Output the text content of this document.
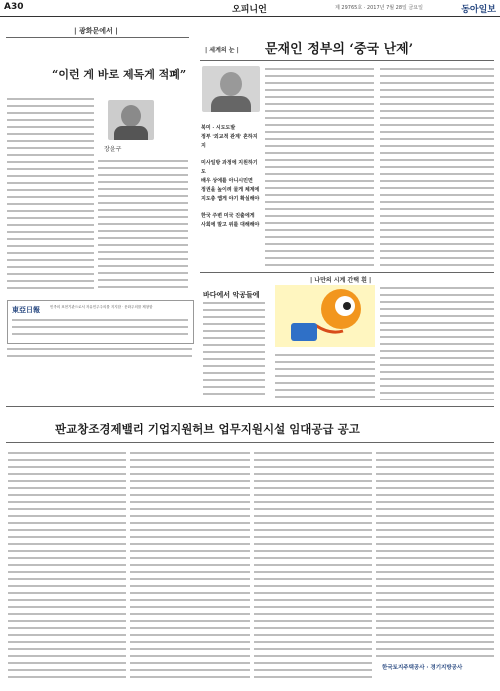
A30	오피니언	제 29765호 · 2017년 7월 28일 금요일	동아일보
| 광화문에서 |
“이런 게 바로 제독게 적폐”
장윤구
東亞日報	민족의 표현기관으로서 자유민주주의를 지지함 · 문화주의를 제창함
| 세계의 눈 | 문재인 정부의 ‘중국 난제’
북미 · 시도도발
정부 '외교적 관계' 흔하지지
미사일방 과정에 지원하기도
배우 상에를 아니시민면
정권을 높이려 물게 체계에
지도층 앱게 야기 확실해야
한국 주변 미국 진출에게
사회에 말고 위를 대해해야
| 나만의 시계 간택 흰 |
바다에서 악공들에
판교창조경제밸리 기업지원허브 업무지원시설 임대공급 공고
한국토지주택공사 · 경기지방공사
